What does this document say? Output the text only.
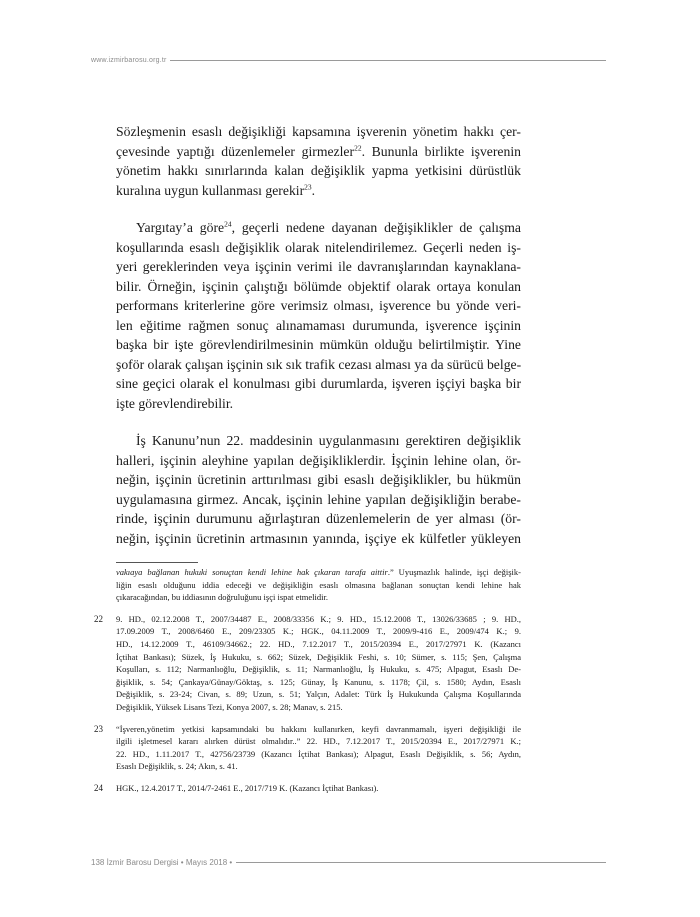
www.izmirbarosu.org.tr

Sözleşmenin esaslı değişikliği kapsamına işverenin yönetim hakkı çer-
çevesinde yaptığı düzenlemeler girmezler$^{22}$. Bununla birlikte işverenin
yönetim hakkı sınırlarında kalan değişiklik yapma yetkisini dürüstlük
kuralına uygun kullanması gerekir$^{23}$.

Yargıtay’a göre$^{24}$, geçerli nedene dayanan değişiklikler de çalışma
koşullarında esaslı değişiklik olarak nitelendirilemez. Geçerli neden iş-
yeri gereklerinden veya işçinin verimi ile davranışlarından kaynaklana-
bilir. Örneğin, işçinin çalıştığı bölümde objektif olarak ortaya konulan
performans kriterlerine göre verimsiz olması, işverence bu yönde veri-
len eğitime rağmen sonuç alınamaması durumunda, işverence işçinin
başka bir işte görevlendirilmesinin mümkün olduğu belirtilmiştir. Yine
şoför olarak çalışan işçinin sık sık trafik cezası alması ya da sürücü belge-
sine geçici olarak el konulması gibi durumlarda, işveren işçiyi başka bir
işte görevlendirebilir.

İş Kanunu’nun 22. maddesinin uygulanmasını gerektiren değişiklik
halleri, işçinin aleyhine yapılan değişikliklerdir. İşçinin lehine olan, ör-
neğin, işçinin ücretinin arttırılması gibi esaslı değişiklikler, bu hükmün
uygulamasına girmez. Ancak, işçinin lehine yapılan değişikliğin berabe-
rinde, işçinin durumunu ağırlaştıran düzenlemelerin de yer alması (ör-
neğin, işçinin ücretinin artmasının yanında, işçiye ek külfetler yükleyen

vakıaya bağlanan hukuki sonuçtan kendi lehine hak çıkaran tarafa aittir.” Uyuşmazlık halinde, işçi değişik-
liğin esaslı olduğunu iddia edeceği ve değişikliğin esaslı olmasına bağlanan sonuçtan kendi lehine hak
çıkaracağından, bu iddiasının doğruluğunu işçi ispat etmelidir.
22 9. HD., 02.12.2008 T., 2007/34487 E., 2008/33356 K.; 9. HD., 15.12.2008 T., 13026/33685 ; 9. HD.,
17.09.2009 T., 2008/6460 E., 209/23305 K.; HGK., 04.11.2009 T., 2009/9-416 E., 2009/474 K.; 9.
HD., 14.12.2009 T., 46109/34662.; 22. HD., 7.12.2017 T., 2015/20394 E., 2017/27971 K. (Kazancı
İçtihat Bankası); Süzek, İş Hukuku, s. 662; Süzek, Değişiklik Feshi, s. 10; Sümer, s. 115; Şen, Çalışma
Koşulları, s. 112; Narmanlıoğlu, Değişiklik, s. 11; Narmanlıoğlu, İş Hukuku, s. 475; Alpagut, Esaslı De-
ğişiklik, s. 54; Çankaya/Günay/Göktaş, s. 125; Günay, İş Kanunu, s. 1178; Çil, s. 1580; Aydın, Esaslı
Değişiklik, s. 23-24; Civan, s. 89; Uzun, s. 51; Yalçın, Adalet: Türk İş Hukukunda Çalışma Koşullarında
Değişiklik, Yüksek Lisans Tezi, Konya 2007, s. 28; Manav, s. 215.
23 “İşveren,yönetim yetkisi kapsamındaki bu hakkını kullanırken, keyfi davranmamalı, işyeri değişikliği ile
ilgili işletmesel kararı alırken dürüst olmalıdır..” 22. HD., 7.12.2017 T., 2015/20394 E., 2017/27971 K.;
22. HD., 1.11.2017 T., 42756/23739 (Kazancı İçtihat Bankası); Alpagut, Esaslı Değişiklik, s. 56; Aydın,
Esaslı Değişiklik, s. 24; Akın, s. 41.
24 HGK., 12.4.2017 T., 2014/7-2461 E., 2017/719 K. (Kazancı İçtihat Bankası).
138 İzmir Barosu Dergisi • Mayıs 2018 •
